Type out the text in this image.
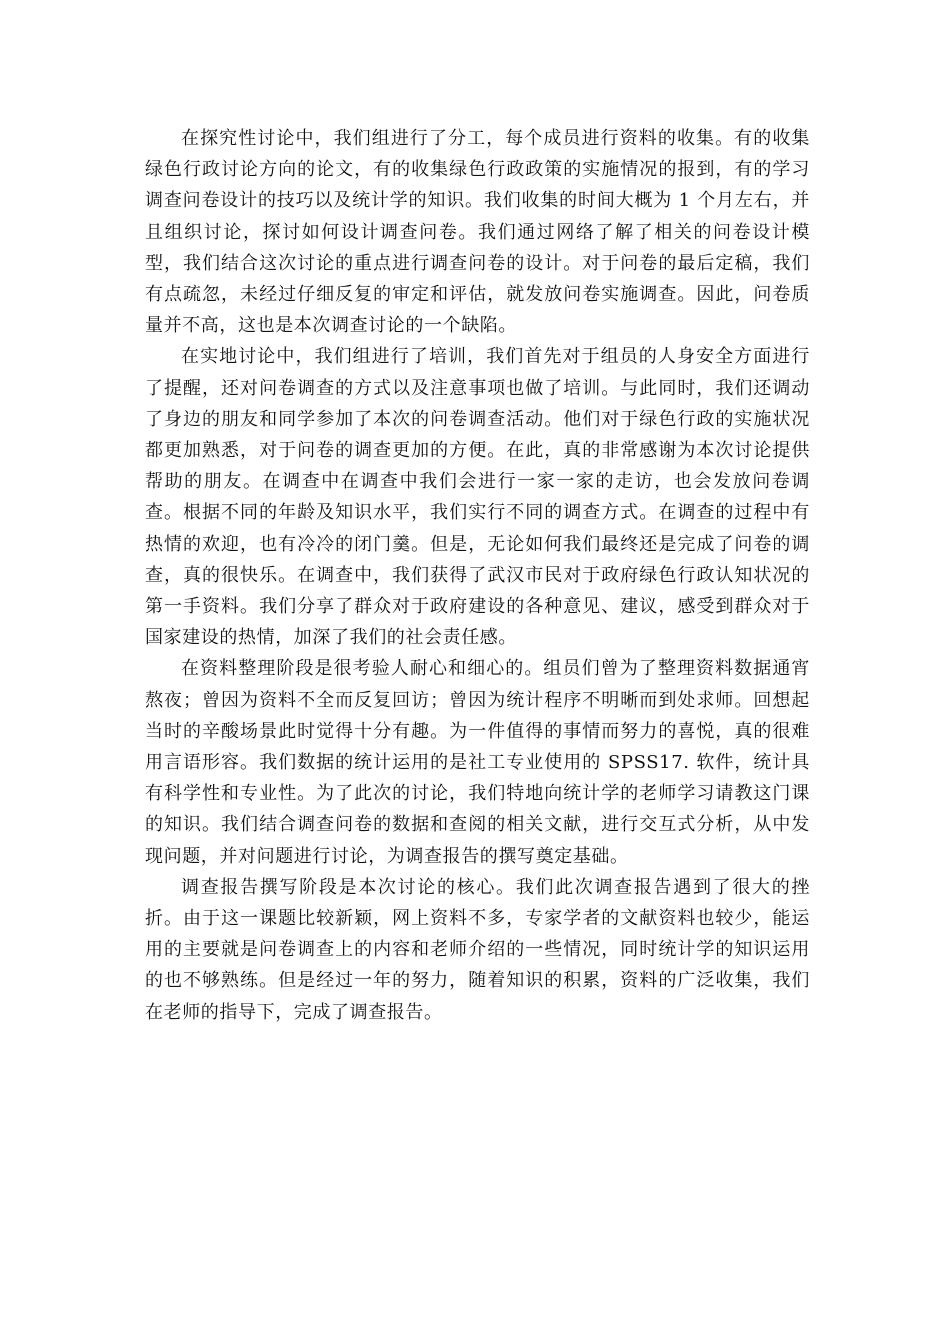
在探究性讨论中，我们组进行了分工，每个成员进行资料的收集。有的收集绿色行政讨论方向的论文，有的收集绿色行政政策的实施情况的报到，有的学习调查问卷设计的技巧以及统计学的知识。我们收集的时间大概为 1 个月左右，并且组织讨论，探讨如何设计调查问卷。我们通过网络了解了相关的问卷设计模型，我们结合这次讨论的重点进行调查问卷的设计。对于问卷的最后定稿，我们有点疏忽，未经过仔细反复的审定和评估，就发放问卷实施调查。因此，问卷质量并不高，这也是本次调查讨论的一个缺陷。

在实地讨论中，我们组进行了培训，我们首先对于组员的人身安全方面进行了提醒，还对问卷调查的方式以及注意事项也做了培训。与此同时，我们还调动了身边的朋友和同学参加了本次的问卷调查活动。他们对于绿色行政的实施状况都更加熟悉，对于问卷的调查更加的方便。在此，真的非常感谢为本次讨论提供帮助的朋友。在调查中在调查中我们会进行一家一家的走访，也会发放问卷调查。根据不同的年龄及知识水平，我们实行不同的调查方式。在调查的过程中有热情的欢迎，也有冷冷的闭门羹。但是，无论如何我们最终还是完成了问卷的调查，真的很快乐。在调查中，我们获得了武汉市民对于政府绿色行政认知状况的第一手资料。我们分享了群众对于政府建设的各种意见、建议，感受到群众对于国家建设的热情，加深了我们的社会责任感。

在资料整理阶段是很考验人耐心和细心的。组员们曾为了整理资料数据通宵熬夜；曾因为资料不全而反复回访；曾因为统计程序不明晰而到处求师。回想起当时的辛酸场景此时觉得十分有趣。为一件值得的事情而努力的喜悦，真的很难用言语形容。我们数据的统计运用的是社工专业使用的 SPSS17. 软件，统计具有科学性和专业性。为了此次的讨论，我们特地向统计学的老师学习请教这门课的知识。我们结合调查问卷的数据和查阅的相关文献，进行交互式分析，从中发现问题，并对问题进行讨论，为调查报告的撰写奠定基础。

调查报告撰写阶段是本次讨论的核心。我们此次调查报告遇到了很大的挫折。由于这一课题比较新颖，网上资料不多，专家学者的文献资料也较少，能运用的主要就是问卷调查上的内容和老师介绍的一些情况，同时统计学的知识运用的也不够熟练。但是经过一年的努力，随着知识的积累，资料的广泛收集，我们在老师的指导下，完成了调查报告。
